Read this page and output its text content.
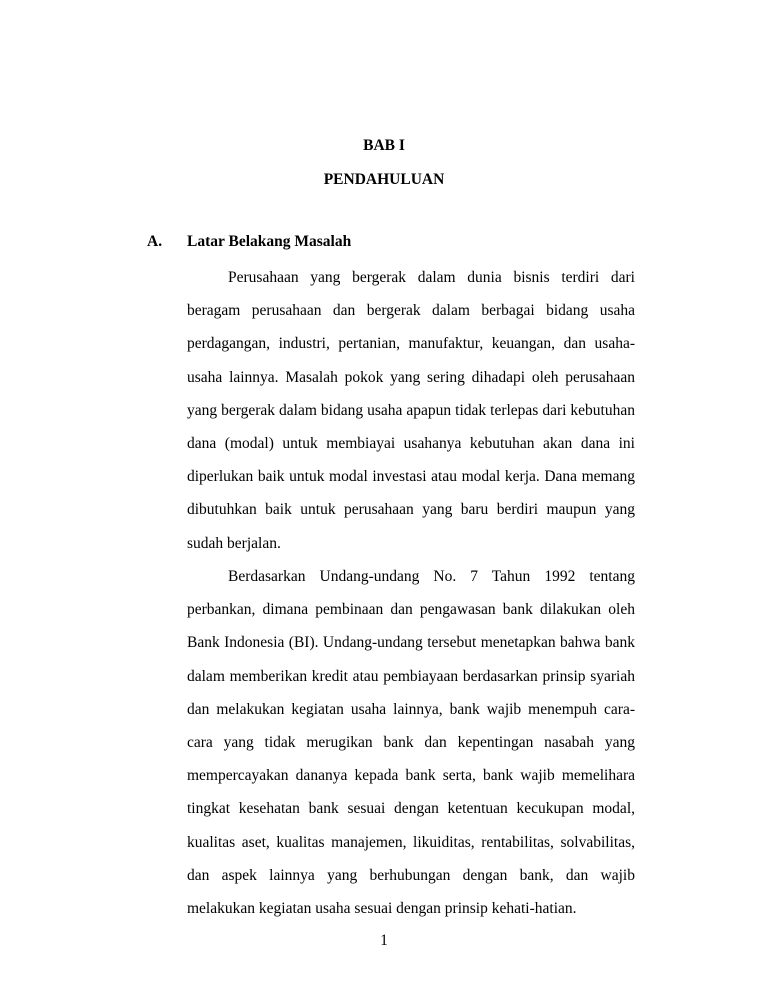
BAB I
PENDAHULUAN
A. Latar Belakang Masalah

Perusahaan yang bergerak dalam dunia bisnis terdiri dari beragam perusahaan dan bergerak dalam berbagai bidang usaha perdagangan, industri, pertanian, manufaktur, keuangan, dan usaha-usaha lainnya. Masalah pokok yang sering dihadapi oleh perusahaan yang bergerak dalam bidang usaha apapun tidak terlepas dari kebutuhan dana (modal) untuk membiayai usahanya kebutuhan akan dana ini diperlukan baik untuk modal investasi atau modal kerja. Dana memang dibutuhkan baik untuk perusahaan yang baru berdiri maupun yang sudah berjalan.

Berdasarkan Undang-undang No. 7 Tahun 1992 tentang perbankan, dimana pembinaan dan pengawasan bank dilakukan oleh Bank Indonesia (BI). Undang-undang tersebut menetapkan bahwa bank dalam memberikan kredit atau pembiayaan berdasarkan prinsip syariah dan melakukan kegiatan usaha lainnya, bank wajib menempuh cara-cara yang tidak merugikan bank dan kepentingan nasabah yang mempercayakan dananya kepada bank serta, bank wajib memelihara tingkat kesehatan bank sesuai dengan ketentuan kecukupan modal, kualitas aset, kualitas manajemen, likuiditas, rentabilitas, solvabilitas, dan aspek lainnya yang berhubungan dengan bank, dan wajib melakukan kegiatan usaha sesuai dengan prinsip kehati-hatian.

1
